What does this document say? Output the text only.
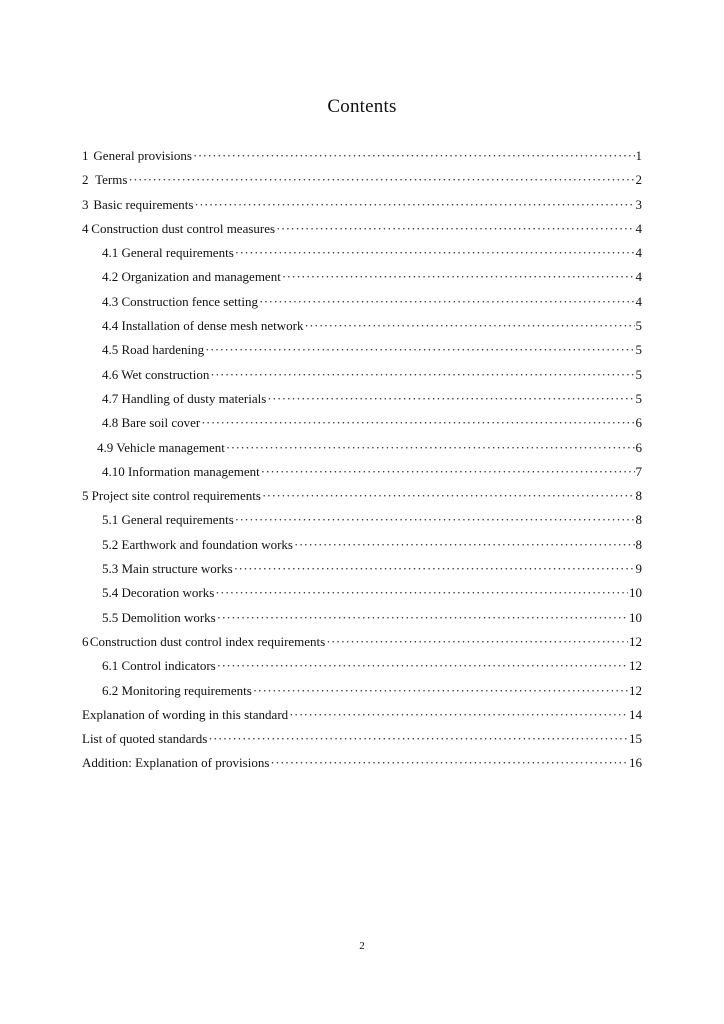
Contents
1 General provisions ·····	1
2 Terms ·····	2
3 Basic requirements ·····	3
4 Construction dust control measures ·····	4
4.1 General requirements ·····	4
4.2 Organization and management ·····	4
4.3 Construction fence setting ·····	4
4.4 Installation of dense mesh network ·····	5
4.5 Road hardening ·····	5
4.6 Wet construction ·····	5
4.7 Handling of dusty materials ·····	5
4.8 Bare soil cover ·····	6
4.9 Vehicle management ·····	6
4.10 Information management ·····	7
5 Project site control requirements ·····	8
5.1 General requirements ·····	8
5.2 Earthwork and foundation works ·····	8
5.3 Main structure works ·····	9
5.4 Decoration works ·····	10
5.5 Demolition works ·····	10
6 Construction dust control index requirements ·····	12
6.1 Control indicators ·····	12
6.2 Monitoring requirements ·····	12
Explanation of wording in this standard ·····	14
List of quoted standards ·····	15
Addition: Explanation of provisions ·····	16
2
